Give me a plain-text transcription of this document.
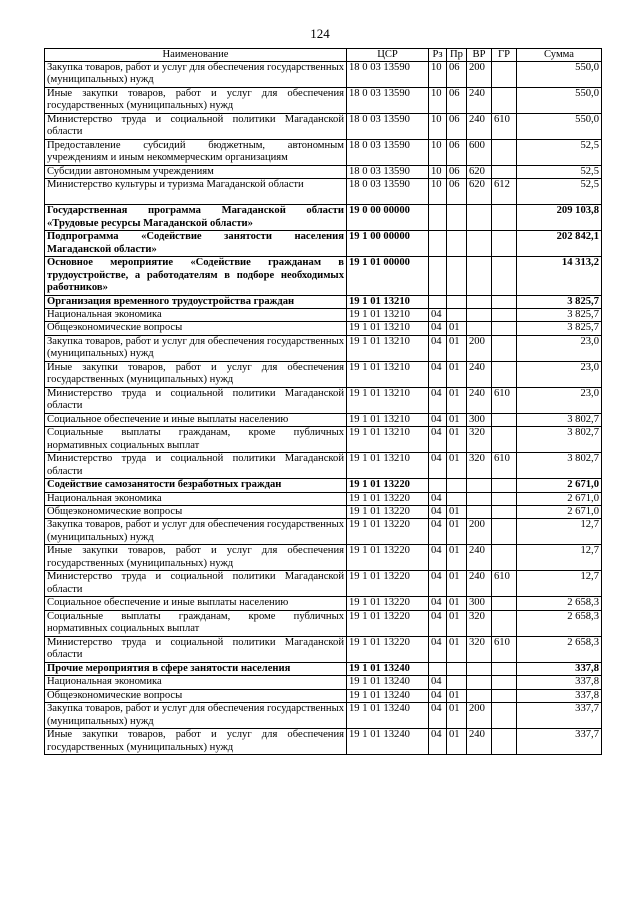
124
Наименование	ЦСР	Рз	Пр	ВР	ГР	Сумма
Закупка товаров, работ и услуг для обеспечения государственных (муниципальных) нужд	18 0 03 13590	10	06	200		550,0
Иные закупки товаров, работ и услуг для обеспечения государственных (муниципальных) нужд	18 0 03 13590	10	06	240		550,0
Министерство труда и социальной политики Магаданской области	18 0 03 13590	10	06	240	610	550,0
Предоставление субсидий бюджетным, автономным учреждениям и иным некоммерческим организациям	18 0 03 13590	10	06	600		52,5
Субсидии автономным учреждениям	18 0 03 13590	10	06	620		52,5
Министерство культуры и туризма Магаданской области	18 0 03 13590	10	06	620	612	52,5
Государственная программа Магаданской области «Трудовые ресурсы Магаданской области»	19 0 00 00000					209 103,8
Подпрограмма «Содействие занятости населения Магаданской области»	19 1 00 00000					202 842,1
Основное мероприятие «Содействие гражданам в трудоустройстве, а работодателям в подборе необходимых работников»	19 1 01 00000					14 313,2
Организация временного трудоустройства граждан	19 1 01 13210					3 825,7
Национальная экономика	19 1 01 13210	04				3 825,7
Общеэкономические вопросы	19 1 01 13210	04	01			3 825,7
Закупка товаров, работ и услуг для обеспечения государственных (муниципальных) нужд	19 1 01 13210	04	01	200		23,0
Иные закупки товаров, работ и услуг для обеспечения государственных (муниципальных) нужд	19 1 01 13210	04	01	240		23,0
Министерство труда и социальной политики Магаданской области	19 1 01 13210	04	01	240	610	23,0
Социальное обеспечение и иные выплаты населению	19 1 01 13210	04	01	300		3 802,7
Социальные выплаты гражданам, кроме публичных нормативных социальных выплат	19 1 01 13210	04	01	320		3 802,7
Министерство труда и социальной политики Магаданской области	19 1 01 13210	04	01	320	610	3 802,7
Содействие самозанятости безработных граждан	19 1 01 13220					2 671,0
Национальная экономика	19 1 01 13220	04				2 671,0
Общеэкономические вопросы	19 1 01 13220	04	01			2 671,0
Закупка товаров, работ и услуг для обеспечения государственных (муниципальных) нужд	19 1 01 13220	04	01	200		12,7
Иные закупки товаров, работ и услуг для обеспечения государственных (муниципальных) нужд	19 1 01 13220	04	01	240		12,7
Министерство труда и социальной политики Магаданской области	19 1 01 13220	04	01	240	610	12,7
Социальное обеспечение и иные выплаты населению	19 1 01 13220	04	01	300		2 658,3
Социальные выплаты гражданам, кроме публичных нормативных социальных выплат	19 1 01 13220	04	01	320		2 658,3
Министерство труда и социальной политики Магаданской области	19 1 01 13220	04	01	320	610	2 658,3
Прочие мероприятия в сфере занятости населения	19 1 01 13240					337,8
Национальная экономика	19 1 01 13240	04				337,8
Общеэкономические вопросы	19 1 01 13240	04	01			337,8
Закупка товаров, работ и услуг для обеспечения государственных (муниципальных) нужд	19 1 01 13240	04	01	200		337,7
Иные закупки товаров, работ и услуг для обеспечения государственных (муниципальных) нужд	19 1 01 13240	04	01	240		337,7
